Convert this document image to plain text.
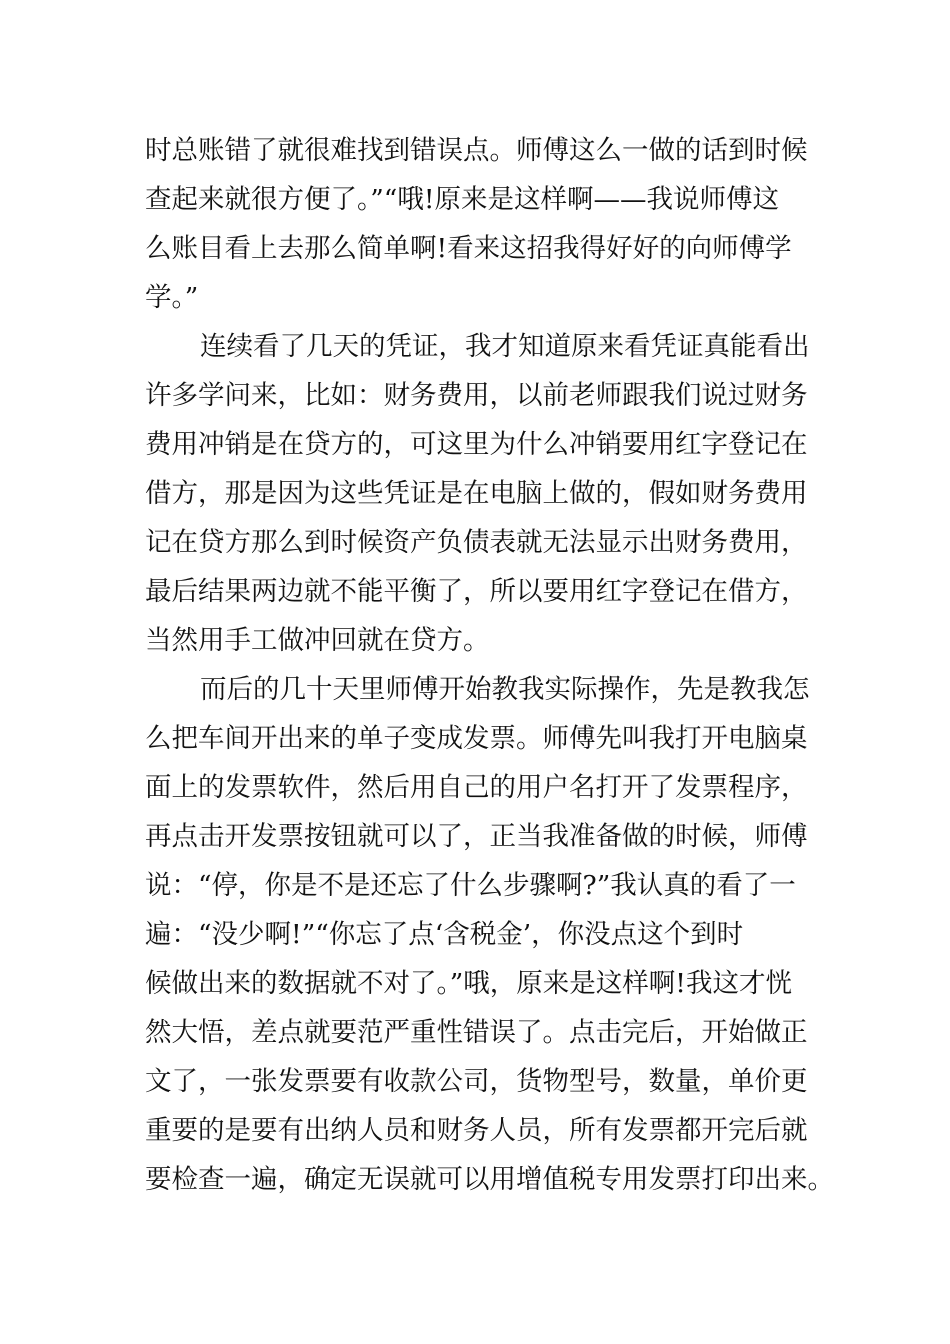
时总账错了就很难找到错误点。师傅这么一做的话到时候
查起来就很方便了。”“哦!原来是这样啊——我说师傅这
么账目看上去那么简单啊!看来这招我得好好的向师傅学
学。”
连续看了几天的凭证，我才知道原来看凭证真能看出
许多学问来，比如：财务费用，以前老师跟我们说过财务
费用冲销是在贷方的，可这里为什么冲销要用红字登记在
借方，那是因为这些凭证是在电脑上做的，假如财务费用
记在贷方那么到时候资产负债表就无法显示出财务费用，
最后结果两边就不能平衡了，所以要用红字登记在借方，
当然用手工做冲回就在贷方。
而后的几十天里师傅开始教我实际操作，先是教我怎
么把车间开出来的单子变成发票。师傅先叫我打开电脑桌
面上的发票软件，然后用自己的用户名打开了发票程序，
再点击开发票按钮就可以了，正当我准备做的时候，师傅
说：“停，你是不是还忘了什么步骤啊?”我认真的看了一
遍：“没少啊!”“你忘了点‘含税金’，你没点这个到时
候做出来的数据就不对了。”哦，原来是这样啊!我这才恍
然大悟，差点就要范严重性错误了。点击完后，开始做正
文了，一张发票要有收款公司，货物型号，数量，单价更
重要的是要有出纳人员和财务人员，所有发票都开完后就
要检查一遍，确定无误就可以用增值税专用发票打印出来。
